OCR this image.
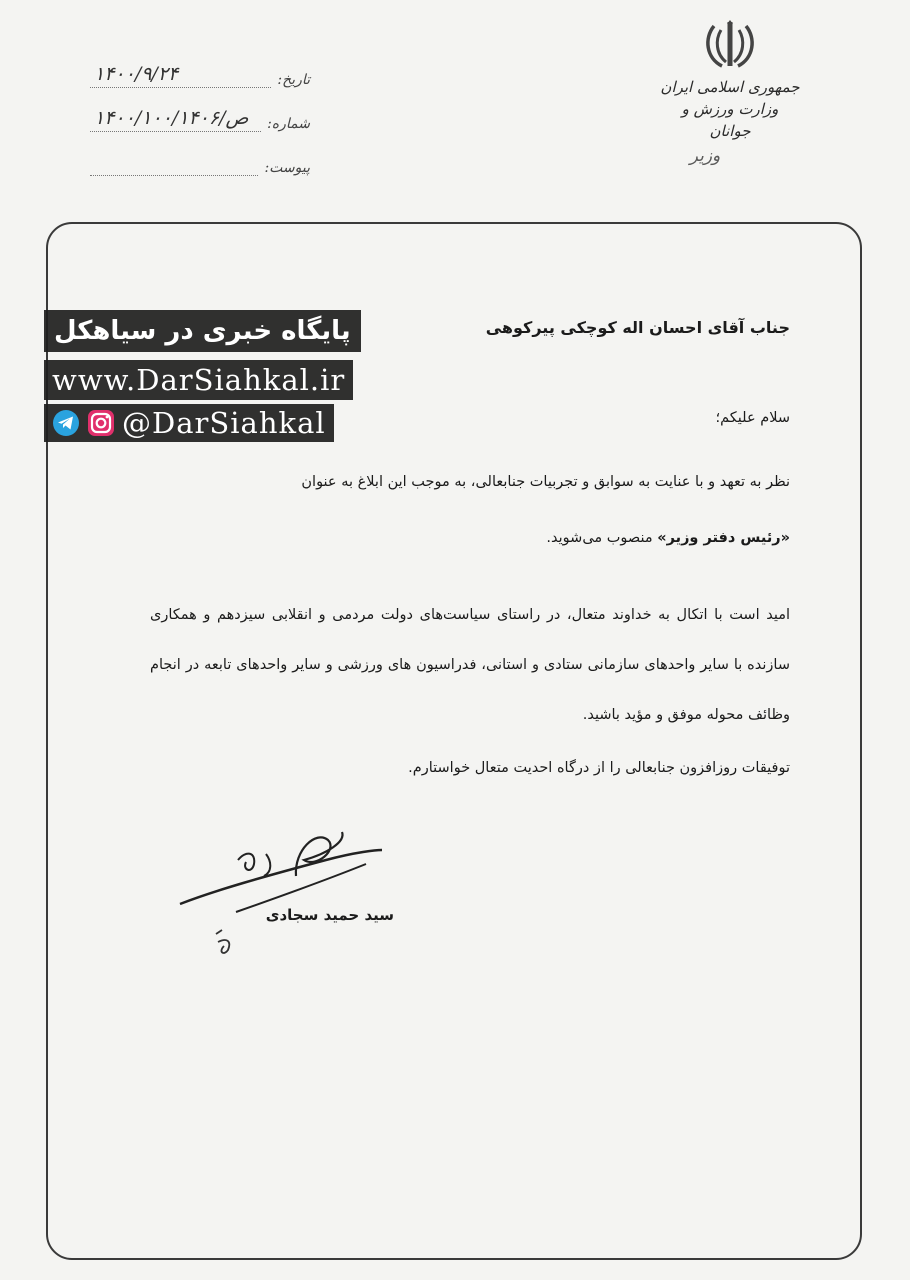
جمهوری اسلامی ایران
وزارت ورزش و جوانان
وزیر
تاریخ:
۱۴۰۰/۹/۲۴
شماره:
۱۴۰۰/ص/۱۰۰/۱۴۰۶
پیوست:
جناب آقای احسان اله کوچکی پیرکوهی
سلام علیکم؛
نظر به تعهد و با عنایت به سوابق و تجربیات جنابعالی، به موجب این ابلاغ به عنوان
«رئیس دفتر وزیر» منصوب می‌شوید.
امید است با اتکال به خداوند متعال، در راستای سیاست‌های دولت مردمی و انقلابی سیزدهم و همکاری سازنده با سایر واحدهای سازمانی ستادی و استانی، فدراسیون های ورزشی و سایر واحدهای تابعه در انجام وظائف محوله موفق و مؤید باشید.
توفیقات روزافزون جنابعالی را از درگاه احدیت متعال خواستارم.
سید حمید سجادی
پایگاه خبری در سیاهکل
www.DarSiahkal.ir
@DarSiahkal
